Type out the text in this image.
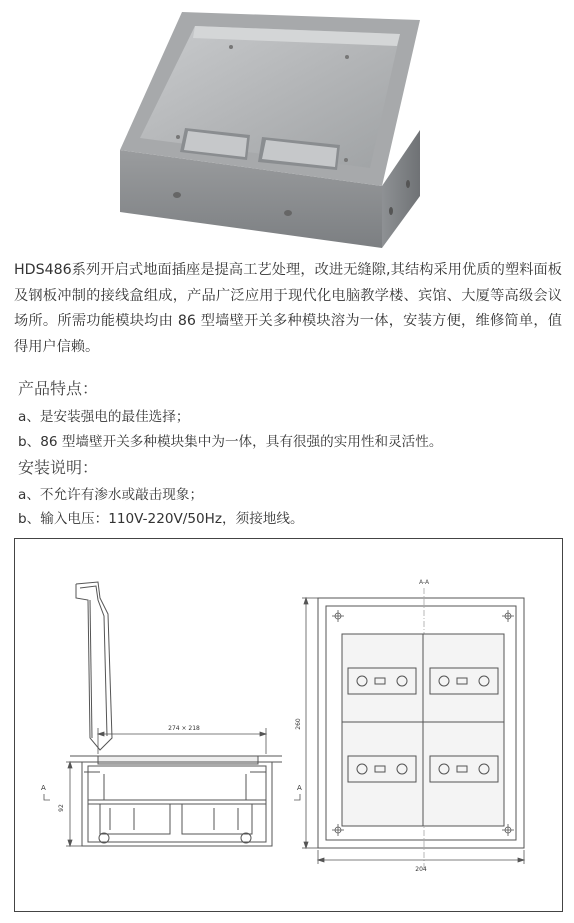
HDS486系列开启式地面插座是提高工艺处理，改进无缝隙,其结构采用优质的塑料面板及钢板冲制的接线盒组成，产品广泛应用于现代化电脑教学楼、宾馆、大厦等高级会议场所。所需功能模块均由 86 型墙壁开关多种模块溶为一体，安装方便，维修简单，值得用户信赖。
产品特点：
a、是安装强电的最佳选择；
b、86 型墙壁开关多种模块集中为一体，具有很强的实用性和灵活性。
安装说明：
a、不允许有渗水或敲击现象；
b、输入电压：110V-220V/50Hz，须接地线。
274 × 218
92
A	A
A-A
260
204
